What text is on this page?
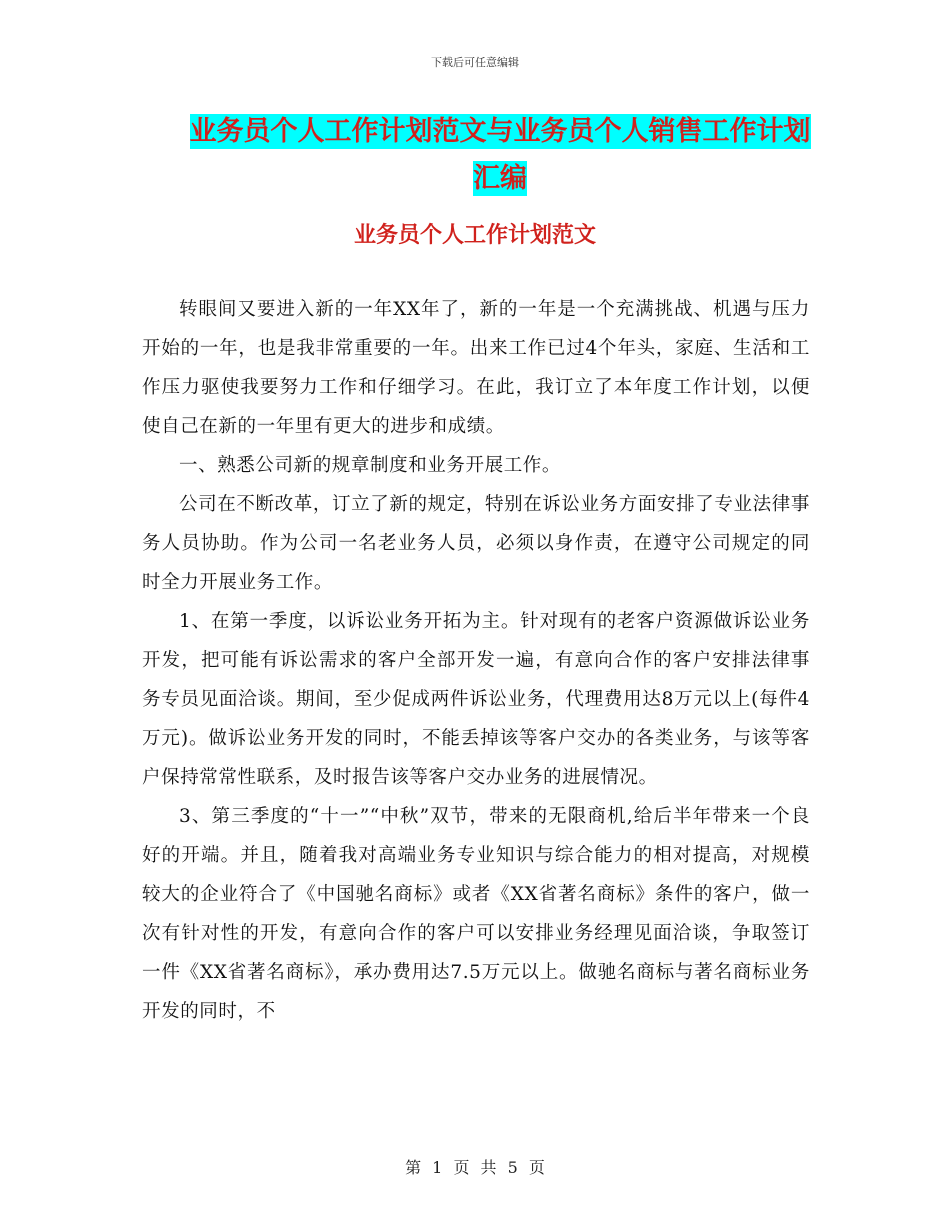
下载后可任意编辑
业务员个人工作计划范文与业务员个人销售工作计划
汇编
业务员个人工作计划范文

转眼间又要进入新的一年XX年了，新的一年是一个充满挑战、机遇与压力开始的一年，也是我非常重要的一年。出来工作已过4个年头，家庭、生活和工作压力驱使我要努力工作和仔细学习。在此，我订立了本年度工作计划，以便使自己在新的一年里有更大的进步和成绩。

一、熟悉公司新的规章制度和业务开展工作。

公司在不断改革，订立了新的规定，特别在诉讼业务方面安排了专业法律事务人员协助。作为公司一名老业务人员，必须以身作责，在遵守公司规定的同时全力开展业务工作。

1、在第一季度，以诉讼业务开拓为主。针对现有的老客户资源做诉讼业务开发，把可能有诉讼需求的客户全部开发一遍，有意向合作的客户安排法律事务专员见面洽谈。期间，至少促成两件诉讼业务，代理费用达8万元以上(每件4万元)。做诉讼业务开发的同时，不能丢掉该等客户交办的各类业务，与该等客户保持常常性联系，及时报告该等客户交办业务的进展情况。

3、第三季度的“十一”“中秋”双节，带来的无限商机,给后半年带来一个良好的开端。并且，随着我对高端业务专业知识与综合能力的相对提高，对规模较大的企业符合了《中国驰名商标》或者《XX省著名商标》条件的客户，做一次有针对性的开发，有意向合作的客户可以安排业务经理见面洽谈，争取签订一件《XX省著名商标》，承办费用达7.5万元以上。做驰名商标与著名商标业务开发的同时，不

第 1 页 共 5 页
